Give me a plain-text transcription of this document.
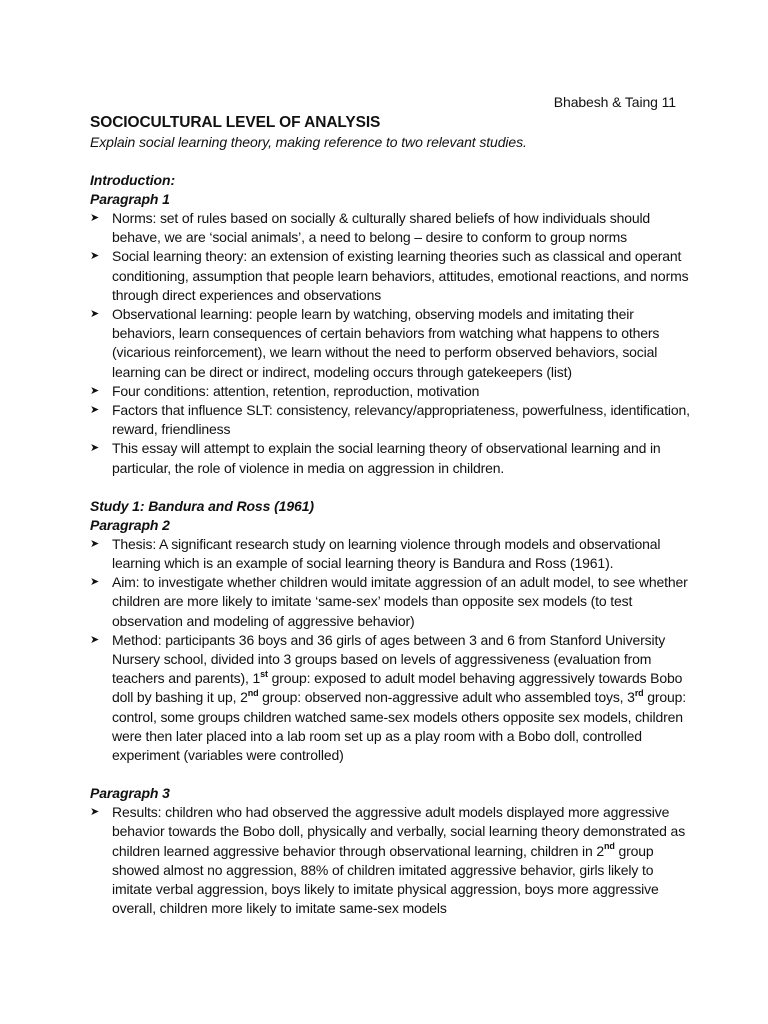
Bhabesh & Taing 11

SOCIOCULTURAL LEVEL OF ANALYSIS

Explain social learning theory, making reference to two relevant studies.

Introduction:

Paragraph 1

➤ Norms: set of rules based on socially & culturally shared beliefs of how individuals should behave, we are ‘social animals’, a need to belong – desire to conform to group norms
➤ Social learning theory: an extension of existing learning theories such as classical and operant conditioning, assumption that people learn behaviors, attitudes, emotional reactions, and norms through direct experiences and observations
➤ Observational learning: people learn by watching, observing models and imitating their behaviors, learn consequences of certain behaviors from watching what happens to others (vicarious reinforcement), we learn without the need to perform observed behaviors, social learning can be direct or indirect, modeling occurs through gatekeepers (list)
➤ Four conditions: attention, retention, reproduction, motivation
➤ Factors that influence SLT: consistency, relevancy/appropriateness, powerfulness, identification, reward, friendliness
➤ This essay will attempt to explain the social learning theory of observational learning and in particular, the role of violence in media on aggression in children.

Study 1: Bandura and Ross (1961)

Paragraph 2

➤ Thesis: A significant research study on learning violence through models and observational learning which is an example of social learning theory is Bandura and Ross (1961).
➤ Aim: to investigate whether children would imitate aggression of an adult model, to see whether children are more likely to imitate ‘same-sex’ models than opposite sex models (to test observation and modeling of aggressive behavior)
➤ Method: participants 36 boys and 36 girls of ages between 3 and 6 from Stanford University Nursery school, divided into 3 groups based on levels of aggressiveness (evaluation from teachers and parents), 1st group: exposed to adult model behaving aggressively towards Bobo doll by bashing it up, 2nd group: observed non-aggressive adult who assembled toys, 3rd group: control, some groups children watched same-sex models others opposite sex models, children were then later placed into a lab room set up as a play room with a Bobo doll, controlled experiment (variables were controlled)

Paragraph 3

➤ Results: children who had observed the aggressive adult models displayed more aggressive behavior towards the Bobo doll, physically and verbally, social learning theory demonstrated as children learned aggressive behavior through observational learning, children in 2nd group showed almost no aggression, 88% of children imitated aggressive behavior, girls likely to imitate verbal aggression, boys likely to imitate physical aggression, boys more aggressive overall, children more likely to imitate same-sex models
